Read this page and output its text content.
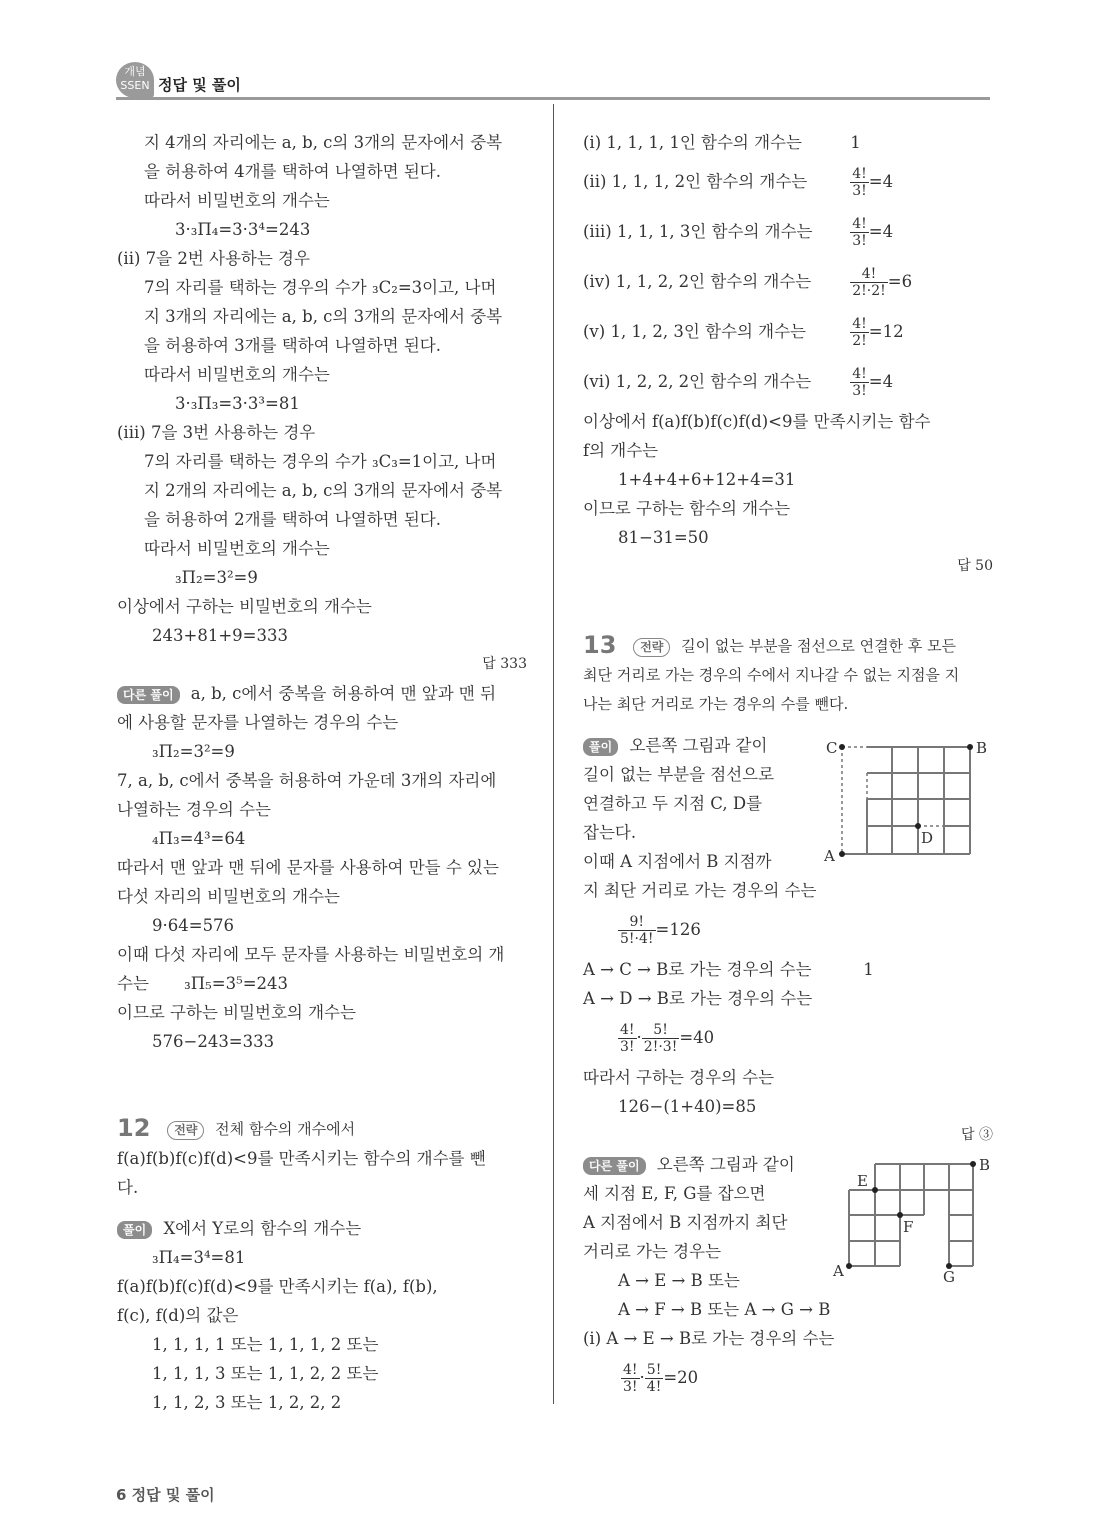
개념
SSEN 정답 및 풀이
지 4개의 자리에는 a, b, c의 3개의 문자에서 중복
을 허용하여 4개를 택하여 나열하면 된다.
따라서 비밀번호의 개수는
3·₃Π₄=3·3⁴=243
(ii) 7을 2번 사용하는 경우
7의 자리를 택하는 경우의 수가 ₃C₂=3이고, 나머
지 3개의 자리에는 a, b, c의 3개의 문자에서 중복
을 허용하여 3개를 택하여 나열하면 된다.
따라서 비밀번호의 개수는
3·₃Π₃=3·3³=81
(iii) 7을 3번 사용하는 경우
7의 자리를 택하는 경우의 수가 ₃C₃=1이고, 나머
지 2개의 자리에는 a, b, c의 3개의 문자에서 중복
을 허용하여 2개를 택하여 나열하면 된다.
따라서 비밀번호의 개수는
₃Π₂=3²=9
이상에서 구하는 비밀번호의 개수는
243+81+9=333
답 333
다른 풀이 a, b, c에서 중복을 허용하여 맨 앞과 맨 뒤
에 사용할 문자를 나열하는 경우의 수는
₃Π₂=3²=9
7, a, b, c에서 중복을 허용하여 가운데 3개의 자리에
나열하는 경우의 수는
₄Π₃=4³=64
따라서 맨 앞과 맨 뒤에 문자를 사용하여 만들 수 있는
다섯 자리의 비밀번호의 개수는
9·64=576
이때 다섯 자리에 모두 문자를 사용하는 비밀번호의 개
수는 ₃Π₅=3⁵=243
이므로 구하는 비밀번호의 개수는
576−243=333
12 전략 전체 함수의 개수에서
f(a)f(b)f(c)f(d)<9를 만족시키는 함수의 개수를 뺀
다.
풀이 X에서 Y로의 함수의 개수는
₃Π₄=3⁴=81
f(a)f(b)f(c)f(d)<9를 만족시키는 f(a), f(b),
f(c), f(d)의 값은
1, 1, 1, 1 또는 1, 1, 1, 2 또는
1, 1, 1, 3 또는 1, 1, 2, 2 또는
1, 1, 2, 3 또는 1, 2, 2, 2
(i) 1, 1, 1, 1인 함수의 개수는	1
(ii) 1, 1, 1, 2인 함수의 개수는	$\frac{4!}{3!} =4$
(iii) 1, 1, 1, 3인 함수의 개수는	$\frac{4!}{3!} =4$
(iv) 1, 1, 2, 2인 함수의 개수는	$\frac{4!}{2!\cdot 2!} =6$
(v) 1, 1, 2, 3인 함수의 개수는	$\frac{4!}{2!} =12$
(vi) 1, 2, 2, 2인 함수의 개수는	$\frac{4!}{3!} =4$
이상에서 f(a)f(b)f(c)f(d)<9를 만족시키는 함수
f의 개수는
1+4+4+6+12+4=31
이므로 구하는 함수의 개수는
81−31=50
답 50
13 전략 길이 없는 부분을 점선으로 연결한 후 모든
최단 거리로 가는 경우의 수에서 지나갈 수 없는 지점을 지
나는 최단 거리로 가는 경우의 수를 뺀다.
풀이 오른쪽 그림과 같이
길이 없는 부분을 점선으로
연결하고 두 지점 C, D를
잡는다.
이때 A 지점에서 B 지점까
지 최단 거리로 가는 경우의 수는
$\frac{9!}{5!\cdot 4!} =126$
A → C → B로 가는 경우의 수는	1
A → D → B로 가는 경우의 수는
$\frac{4!}{3!} \cdot \frac{5!}{2!\cdot 3!} =40$
따라서 구하는 경우의 수는
126−(1+40)=85
답 ③
다른 풀이 오른쪽 그림과 같이
세 지점 E, F, G를 잡으면
A 지점에서 B 지점까지 최단
거리로 가는 경우는
A → E → B 또는
A → F → B 또는 A → G → B
(i) A → E → B로 가는 경우의 수는
$\frac{4!}{3!} \cdot \frac{5!}{4!} =20$
C	B
A
D
E
F
G
A
B
6 정답 및 풀이
